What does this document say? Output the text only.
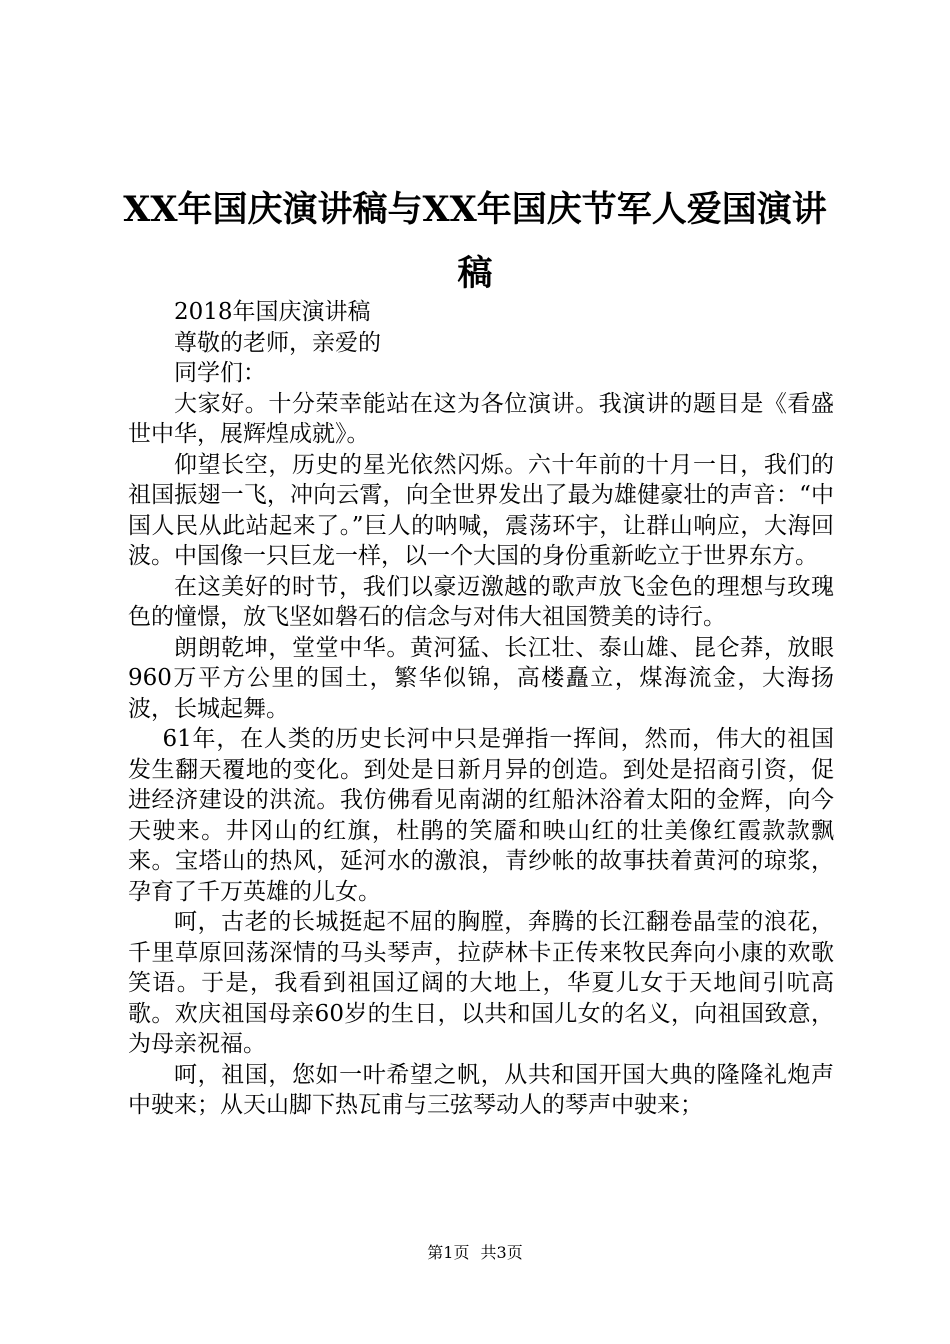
XX年国庆演讲稿与XX年国庆节军人爱国演讲稿

2018年国庆演讲稿

尊敬的老师，亲爱的

同学们：

大家好。十分荣幸能站在这为各位演讲。我演讲的题目是《看盛世中华，展辉煌成就》。

仰望长空，历史的星光依然闪烁。六十年前的十月一日，我们的祖国振翅一飞，冲向云霄，向全世界发出了最为雄健豪壮的声音：“中国人民从此站起来了。”巨人的呐喊，震荡环宇，让群山响应，大海回波。中国像一只巨龙一样，以一个大国的身份重新屹立于世界东方。

在这美好的时节，我们以豪迈激越的歌声放飞金色的理想与玫瑰色的憧憬，放飞坚如磐石的信念与对伟大祖国赞美的诗行。

朗朗乾坤，堂堂中华。黄河猛、长江壮、泰山雄、昆仑莽，放眼960万平方公里的国土，繁华似锦，高楼矗立，煤海流金，大海扬波，长城起舞。

61年，在人类的历史长河中只是弹指一挥间，然而，伟大的祖国发生翻天覆地的变化。到处是日新月异的创造。到处是招商引资，促进经济建设的洪流。我仿佛看见南湖的红船沐浴着太阳的金辉，向今天驶来。井冈山的红旗，杜鹃的笑靥和映山红的壮美像红霞款款飘来。宝塔山的热风，延河水的激浪，青纱帐的故事扶着黄河的琼浆，孕育了千万英雄的儿女。

呵，古老的长城挺起不屈的胸膛，奔腾的长江翻卷晶莹的浪花，千里草原回荡深情的马头琴声，拉萨林卡正传来牧民奔向小康的欢歌笑语。于是，我看到祖国辽阔的大地上，华夏儿女于天地间引吭高歌。欢庆祖国母亲60岁的生日，以共和国儿女的名义，向祖国致意，为母亲祝福。

呵，祖国，您如一叶希望之帆，从共和国开国大典的隆隆礼炮声中驶来；从天山脚下热瓦甫与三弦琴动人的琴声中驶来；

第1页 共3页
